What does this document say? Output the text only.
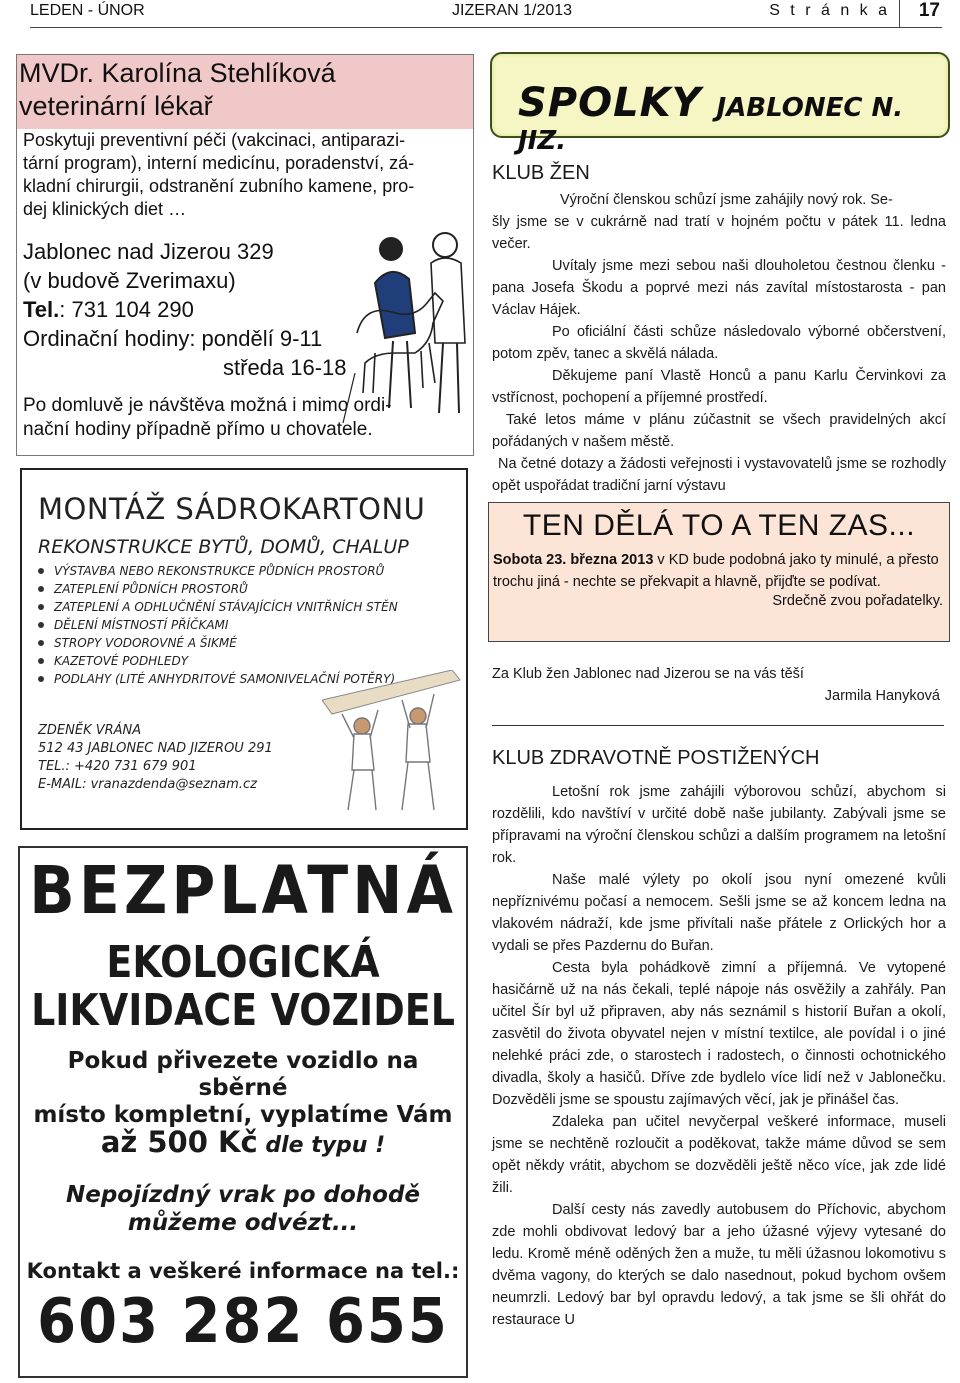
LEDEN - ÚNOR	JIZERAN 1/2013	S t r á n k a 17
MVDr. Karolína Stehlíková
veterinární lékař
Poskytuji preventivní péči (vakcinaci, antiparazi-
tární program), interní medicínu, poradenství, zá-
kladní chirurgii, odstranění zubního kamene, pro-
dej klinických diet …
Jablonec nad Jizerou 329
(v budově Zverimaxu)
Tel.: 731 104 290
Ordinační hodiny: pondělí 9-11
středa 16-18
Po domluvě je návštěva možná i mimo ordi-
nační hodiny případně přímo u chovatele.
MONTÁŽ SÁDROKARTONU
REKONSTRUKCE BYTŮ, DOMŮ, CHALUP
VÝSTAVBA NEBO REKONSTRUKCE PŮDNÍCH PROSTORŮ
ZATEPLENÍ PŮDNÍCH PROSTORŮ
ZATEPLENÍ A ODHLUČNĚNÍ STÁVAJÍCÍCH VNITŘNÍCH STĚN
DĚLENÍ MÍSTNOSTÍ PŘÍČKAMI
STROPY VODOROVNÉ A ŠIKMÉ
KAZETOVÉ PODHLEDY
PODLAHY (LITÉ ANHYDRITOVÉ SAMONIVELAČNÍ POTĚRY)
ZDENĚK VRÁNA
512 43 JABLONEC NAD JIZEROU 291
TEL.: +420 731 679 901
E-MAIL: vranazdenda@seznam.cz
BEZPLATNÁ
EKOLOGICKÁ
LIKVIDACE VOZIDEL
Pokud přivezete vozidlo na sběrné
místo kompletní, vyplatíme Vám
až 500 Kč dle typu !
Nepojízdný vrak po dohodě
můžeme odvézt...
Kontakt a veškeré informace na tel.:
603 282 655
SPOLKY JABLONEC N. JIZ.
KLUB ŽEN
Výroční členskou schůzí jsme zahájily nový rok. Se-
šly jsme se v cukrárně nad tratí v hojném počtu v pátek 11. ledna večer.
Uvítaly jsme mezi sebou naši dlouholetou čestnou členku - pana Josefa Škodu a poprvé mezi nás zavítal místostarosta - pan Václav Hájek.
Po oficiální části schůze následovalo výborné občerstvení, potom zpěv, tanec a skvělá nálada.
Děkujeme paní Vlastě Honců a panu Karlu Červinkovi za vstřícnost, pochopení a příjemné prostředí.
Také letos máme v plánu zúčastnit se všech pravidelných akcí pořádaných v našem městě.
Na četné dotazy a žádosti veřejnosti i vystavovatelů jsme se rozhodly opět uspořádat tradiční jarní výstavu
TEN DĚLÁ TO A TEN ZAS...
Sobota 23. března 2013 v KD bude podobná jako ty minulé, a přesto trochu jiná - nechte se překvapit a hlavně, přijďte se podívat.
Srdečně zvou pořadatelky.
Za Klub žen Jablonec nad Jizerou se na vás těší
Jarmila Hanyková
KLUB ZDRAVOTNĚ POSTIŽENÝCH
Letošní rok jsme zahájili výborovou schůzí, abychom si rozdělili, kdo navštíví v určité době naše jubilanty. Zabývali jsme se přípravami na výroční členskou schůzi a dalším programem na letošní rok.
Naše malé výlety po okolí jsou nyní omezené kvůli nepříznivému počasí a nemocem. Sešli jsme se až koncem ledna na vlakovém nádraží, kde jsme přivítali naše přátele z Orlických hor a vydali se přes Pazdernu do Buřan.
Cesta byla pohádkově zimní a příjemná. Ve vytopené hasičárně už na nás čekali, teplé nápoje nás osvěžily a zahřály. Pan učitel Šír byl už připraven, aby nás seznámil s historií Buřan a okolí, zasvětil do života obyvatel nejen v místní textilce, ale povídal i o jiné nelehké práci zde, o starostech i radostech, o činnosti ochotnického divadla, školy a hasičů. Dříve zde bydlelo více lidí než v Jablonečku. Dozvěděli jsme se spoustu zajímavých věcí, jak je přinášel čas.
Zdaleka pan učitel nevyčerpal veškeré informace, museli jsme se nechtěně rozloučit a poděkovat, takže máme důvod se sem opět někdy vrátit, abychom se dozvěděli ještě něco více, jak zde lidé žili.
Další cesty nás zavedly autobusem do Příchovic, abychom zde mohli obdivovat ledový bar a jeho úžasné výjevy vytesané do ledu. Kromě méně oděných žen a muže, tu měli úžasnou lokomotivu s dvěma vagony, do kterých se dalo nasednout, pokud bychom ovšem neumrzli. Ledový bar byl opravdu ledový, a tak jsme se šli ohřát do restaurace U
